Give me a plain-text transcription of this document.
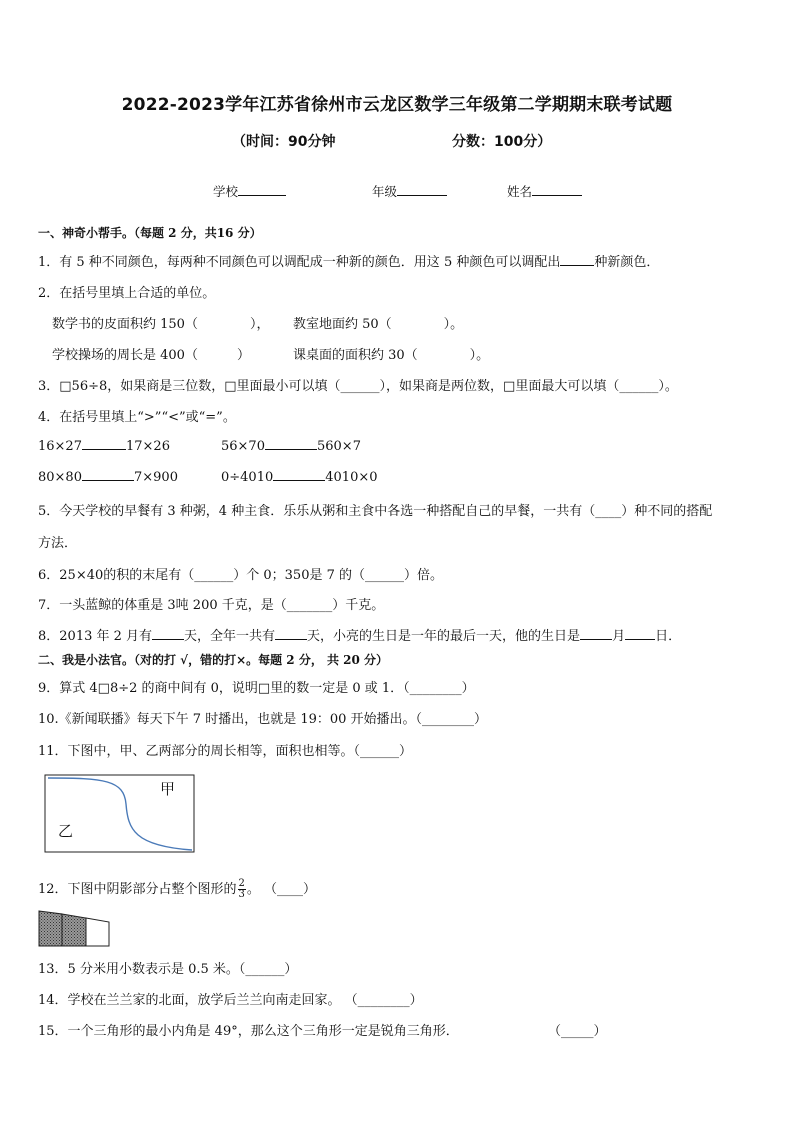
2022-2023学年江苏省徐州市云龙区数学三年级第二学期期末联考试题
（时间：90分钟	分数：100分）
学校	年级	姓名
一、神奇小帮手。（每题 2 分，共16 分）
1．有 5 种不同颜色，每两种不同颜色可以调配成一种新的颜色．用这 5 种颜色可以调配出	种新颜色．
2．在括号里填上合适的单位。
数学书的皮面积约 150（　　　　）， 教室地面约 50（　　　　）。
学校操场的周长是 400（　　　）	课桌面的面积约 30（　　　　）。
3．□56÷8，如果商是三位数，□里面最小可以填（______），如果商是两位数，□里面最大可以填（______）。
4．在括号里填上“>”“<”或“=”。
16×27	17×26	56×70	560×7
80×80	7×900	0÷4010	4010×0
5．今天学校的早餐有 3 种粥，4 种主食．乐乐从粥和主食中各选一种搭配自己的早餐，一共有（____）种不同的搭配
方法．
6．25×40的积的末尾有（______）个 0；350是 7 的（______）倍。
7．一头蓝鲸的体重是 3吨 200 千克，是（_______）千克。
8．2013 年 2 月有 天，全年一共有 天，小亮的生日是一年的最后一天，他的生日是 月 日．
二、我是小法官。（对的打 √，错的打×。每题 2 分， 共 20 分）
9．算式 4□8÷2 的商中间有 0，说明□里的数一定是 0 或 1．（________）
10.《新闻联播》每天下午 7 时播出，也就是 19：00 开始播出。（________）
11．下图中，甲、乙两部分的周长相等，面积也相等。（______）
甲
乙
12．下图中阴影部分占整个图形的 $\frac{2}{3}$ 。 （____）
13．5 分米用小数表示是 0.5 米。（______）
14．学校在兰兰家的北面，放学后兰兰向南走回家。 （________）
15．一个三角形的最小内角是 49°，那么这个三角形一定是锐角三角形．	（_____）
